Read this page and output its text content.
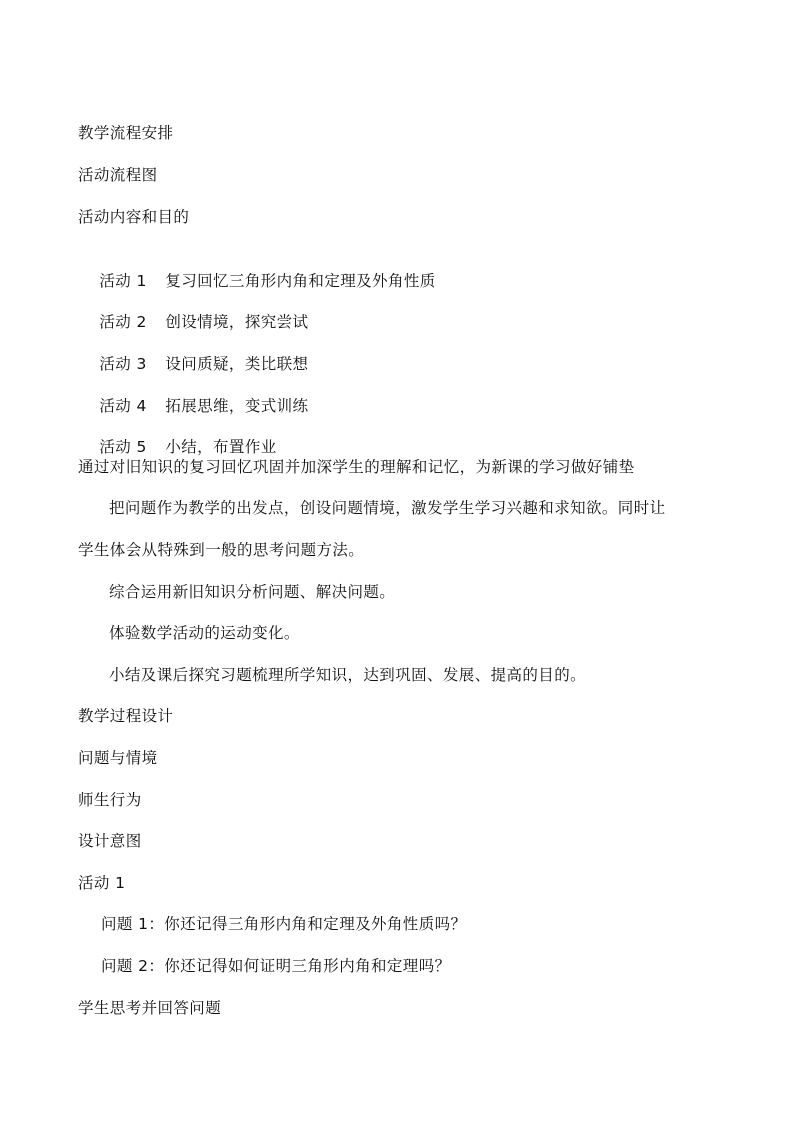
教学流程安排
活动流程图
活动内容和目的

活动 1 复习回忆三角形内角和定理及外角性质

活动 2 创设情境，探究尝试

活动 3 设问质疑，类比联想

活动 4 拓展思维，变式训练

活动 5 小结，布置作业

通过对旧知识的复习回忆巩固并加深学生的理解和记忆，为新课的学习做好铺垫
把问题作为教学的出发点，创设问题情境，激发学生学习兴趣和求知欲。同时让
学生体会从特殊到一般的思考问题方法。
综合运用新旧知识分析问题、解决问题。
体验数学活动的运动变化。
小结及课后探究习题梳理所学知识，达到巩固、发展、提高的目的。
教学过程设计
问题与情境
师生行为
设计意图
活动 1
问题 1：你还记得三角形内角和定理及外角性质吗？
问题 2：你还记得如何证明三角形内角和定理吗？
学生思考并回答问题
